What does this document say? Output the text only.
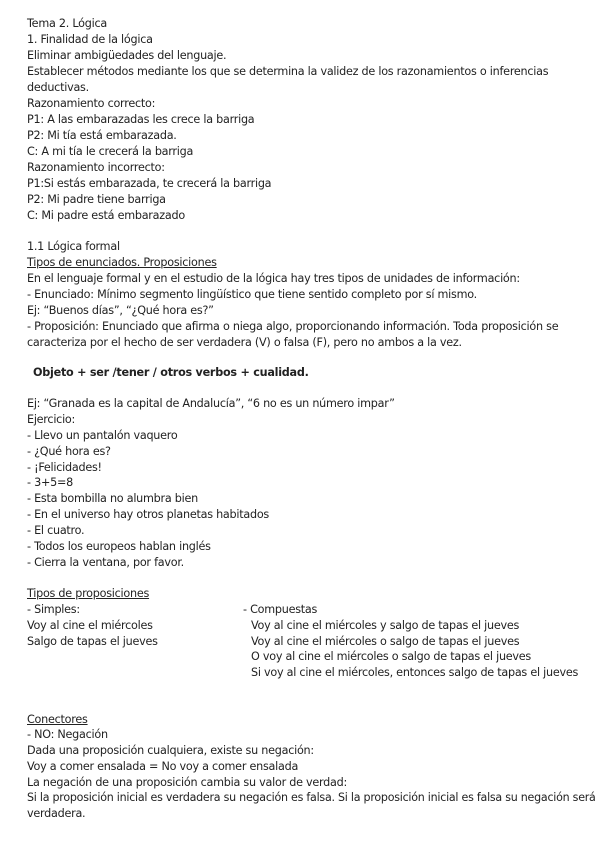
Tema 2. Lógica

1. Finalidad de la lógica

Eliminar ambigüedades del lenguaje.

Establecer métodos mediante los que se determina la validez de los razonamientos o inferencias

deductivas.

Razonamiento correcto:

P1: A las embarazadas les crece la barriga

P2: Mi tía está embarazada.

C: A mi tía le crecerá la barriga

Razonamiento incorrecto:

P1:Si estás embarazada, te crecerá la barriga

P2: Mi padre tiene barriga

C: Mi padre está embarazado

1.1 Lógica formal

Tipos de enunciados. Proposiciones

En el lenguaje formal y en el estudio de la lógica hay tres tipos de unidades de información:

- Enunciado: Mínimo segmento lingüístico que tiene sentido completo por sí mismo.

Ej: “Buenos días”, “¿Qué hora es?”

- Proposición: Enunciado que afirma o niega algo, proporcionando información. Toda proposición se

caracteriza por el hecho de ser verdadera (V) o falsa (F), pero no ambos a la vez.

Objeto + ser /tener / otros verbos + cualidad.

Ej: “Granada es la capital de Andalucía”, “6 no es un número impar”

Ejercicio:

- Llevo un pantalón vaquero

- ¿Qué hora es?

- ¡Felicidades!

- 3+5=8

- Esta bombilla no alumbra bien

- En el universo hay otros planetas habitados

- El cuatro.

- Todos los europeos hablan inglés

- Cierra la ventana, por favor.

Tipos de proposiciones

- Simples:	- Compuestas

Voy al cine el miércoles	Voy al cine el miércoles y salgo de tapas el jueves

Salgo de tapas el jueves	Voy al cine el miércoles o salgo de tapas el jueves

O voy al cine el miércoles o salgo de tapas el jueves

Si voy al cine el miércoles, entonces salgo de tapas el jueves

Conectores

- NO: Negación

Dada una proposición cualquiera, existe su negación:

Voy a comer ensalada = No voy a comer ensalada

La negación de una proposición cambia su valor de verdad:

Si la proposición inicial es verdadera su negación es falsa. Si la proposición inicial es falsa su negación será

verdadera.
